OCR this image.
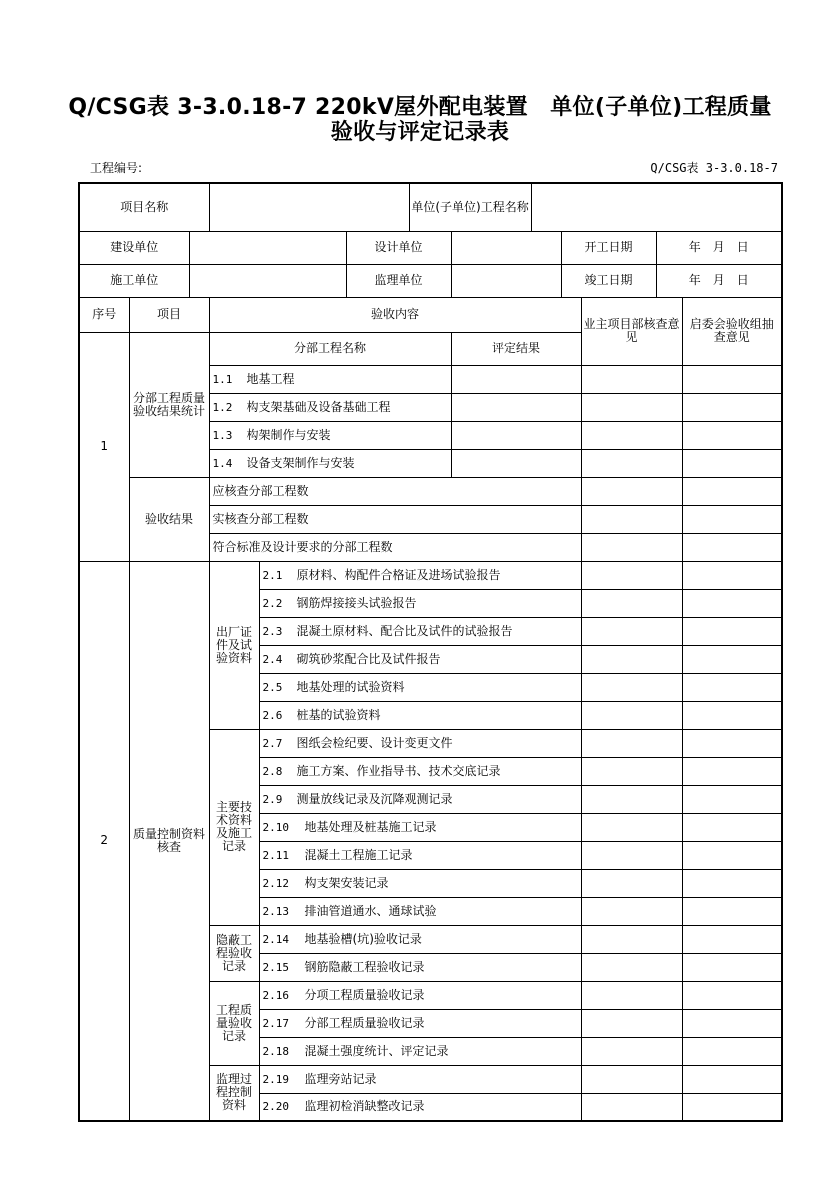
Q/CSG表 3-3.0.18-7 220kV屋外配电装置　单位(子单位)工程质量验收与评定记录表
工程编号:	Q/CSG表 3-3.0.18-7
项目名称						单位(子单位)工程名称						
建设单位					设计单位				开工日期		年　月　日	
施工单位					监理单位				竣工日期		年　月　日	
序号	项目		验收内容							业主项目部核查意见		启委会验收组抽查意见
1	分部工程质量验收结果统计		分部工程名称				评定结果					
			1.1 地基工程									
			1.2 构支架基础及设备基础工程									
			1.3 构架制作与安装									
			1.4 设备支架制作与安装									
	验收结果		应核查分部工程数									
			实核查分部工程数									
			符合标准及设计要求的分部工程数									
2	质量控制资料核查		出厂证件及试验资料	2.1 原材料、构配件合格证及进场试验报告								
				2.2 钢筋焊接接头试验报告								
				2.3 混凝土原材料、配合比及试件的试验报告								
				2.4 砌筑砂浆配合比及试件报告								
				2.5 地基处理的试验资料								
				2.6 桩基的试验资料								
			主要技术资料及施工记录	2.7 图纸会检纪要、设计变更文件								
				2.8 施工方案、作业指导书、技术交底记录								
				2.9 测量放线记录及沉降观测记录								
				2.10 地基处理及桩基施工记录								
				2.11 混凝土工程施工记录								
				2.12 构支架安装记录								
				2.13 排油管道通水、通球试验								
			隐蔽工程验收记录	2.14 地基验槽(坑)验收记录								
				2.15 钢筋隐蔽工程验收记录								
			工程质量验收记录	2.16 分项工程质量验收记录								
				2.17 分部工程质量验收记录								
				2.18 混凝土强度统计、评定记录								
			监理过程控制资料	2.19 监理旁站记录								
				2.20 监理初检消缺整改记录								
